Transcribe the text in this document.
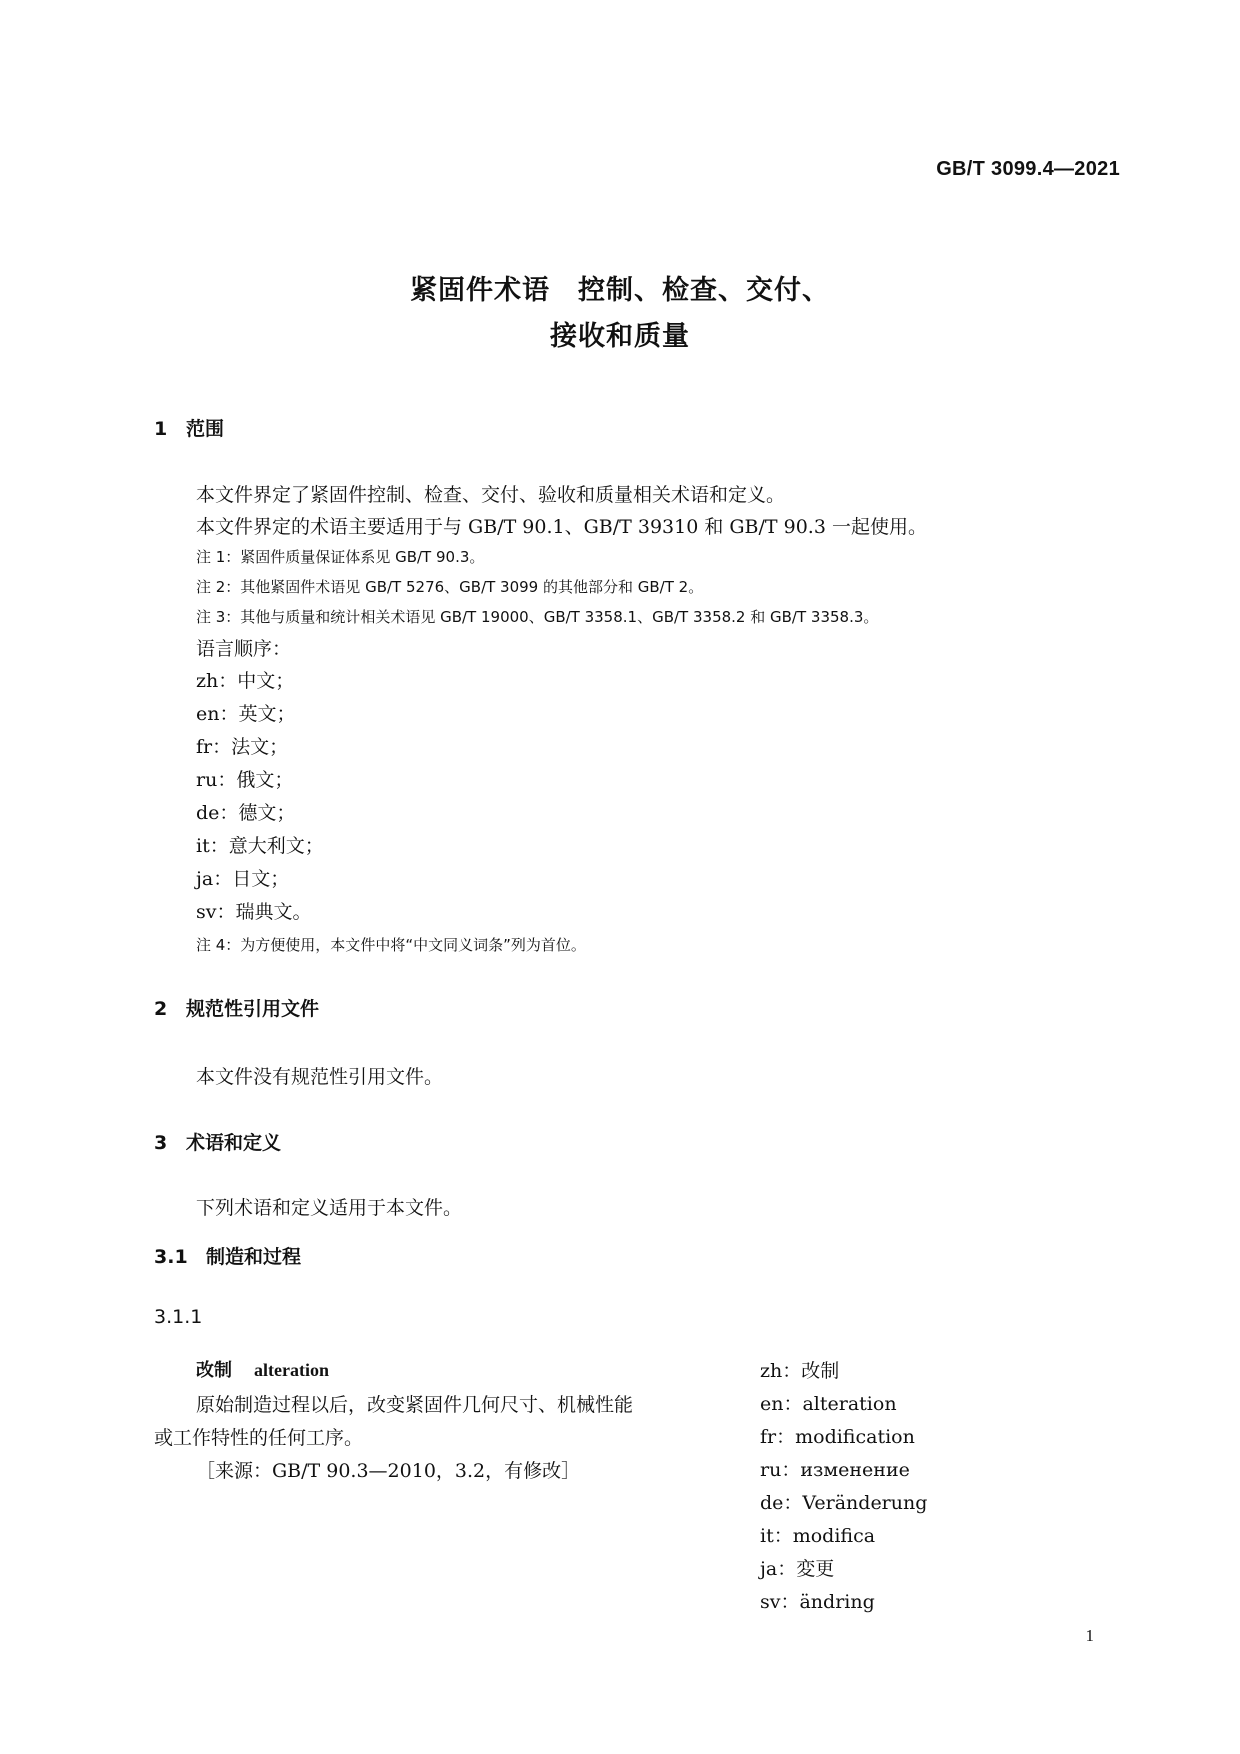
GB/T 3099.4—2021
紧固件术语　控制、检查、交付、
接收和质量
1 范围
本文件界定了紧固件控制、检查、交付、验收和质量相关术语和定义。
本文件界定的术语主要适用于与 GB/T 90.1、GB/T 39310 和 GB/T 90.3 一起使用。
注 1：紧固件质量保证体系见 GB/T 90.3。
注 2：其他紧固件术语见 GB/T 5276、GB/T 3099 的其他部分和 GB/T 2。
注 3：其他与质量和统计相关术语见 GB/T 19000、GB/T 3358.1、GB/T 3358.2 和 GB/T 3358.3。
语言顺序：
zh：中文；
en：英文；
fr：法文；
ru：俄文；
de：德文；
it：意大利文；
ja：日文；
sv：瑞典文。
注 4：为方便使用，本文件中将“中文同义词条”列为首位。
2 规范性引用文件
本文件没有规范性引用文件。
3 术语和定义
下列术语和定义适用于本文件。
3.1 制造和过程
3.1.1
改制 alteration
原始制造过程以后，改变紧固件几何尺寸、机械性能
或工作特性的任何工序。
［来源：GB/T 90.3—2010，3.2，有修改］
zh：改制
en：alteration
fr：modification
ru：изменение
de：Veränderung
it：modifica
ja：変更
sv：ändring
1
